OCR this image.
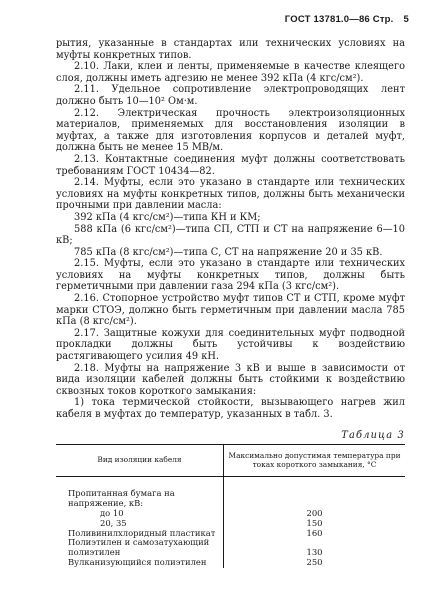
ГОСТ 13781.0—86 Стр. 5

рытия, указанные в стандартах или технических условиях на муфты конкретных типов.

2.10. Лаки, клеи и ленты, применяемые в качестве клеящего слоя, должны иметь адгезию не менее 392 кПа (4 кгс/см²).

2.11. Удельное сопротивление электропроводящих лент должно быть 10—10² Ом·м.

2.12. Электрическая прочность электроизоляционных материалов, применяемых для восстановления изоляции в муфтах, а также для изготовления корпусов и деталей муфт, должна быть не менее 15 МВ/м.

2.13. Контактные соединения муфт должны соответствовать требованиям ГОСТ 10434—82.

2.14. Муфты, если это указано в стандарте или технических условиях на муфты конкретных типов, должны быть механически прочными при давлении масла:

392 кПа (4 кгс/см²)—типа КН и КМ;

588 кПа (6 кгс/см²)—типа СП, СТП и СТ на напряжение 6—10 кВ;

785 кПа (8 кгс/см²)—типа С, СТ на напряжение 20 и 35 кВ.

2.15. Муфты, если это указано в стандарте или технических условиях на муфты конкретных типов, должны быть герметичными при давлении газа 294 кПа (3 кгс/см²).

2.16. Стопорное устройство муфт типов СТ и СТП, кроме муфт марки СТОЭ, должно быть герметичным при давлении масла 785 кПа (8 кгс/см²).

2.17. Защитные кожухи для соединительных муфт подводной прокладки должны быть устойчивы к воздействию растягивающего усилия 49 кН.

2.18. Муфты на напряжение 3 кВ и выше в зависимости от вида изоляции кабелей должны быть стойкими к воздействию сквозных токов короткого замыкания:

1) тока термической стойкости, вызывающего нагрев жил кабеля в муфтах до температур, указанных в табл. 3.

Таблица 3
Вид изоляции кабеля	Максимально допустимая температура при токах короткого замыкания, °С
Пропитанная бумага на напряжение, кВ:	
до 10	200
20, 35	150
Поливинилхлоридный пластикат	160
Полиэтилен и самозатухающий полиэтилен	130
Вулканизующийся полиэтилен	250
